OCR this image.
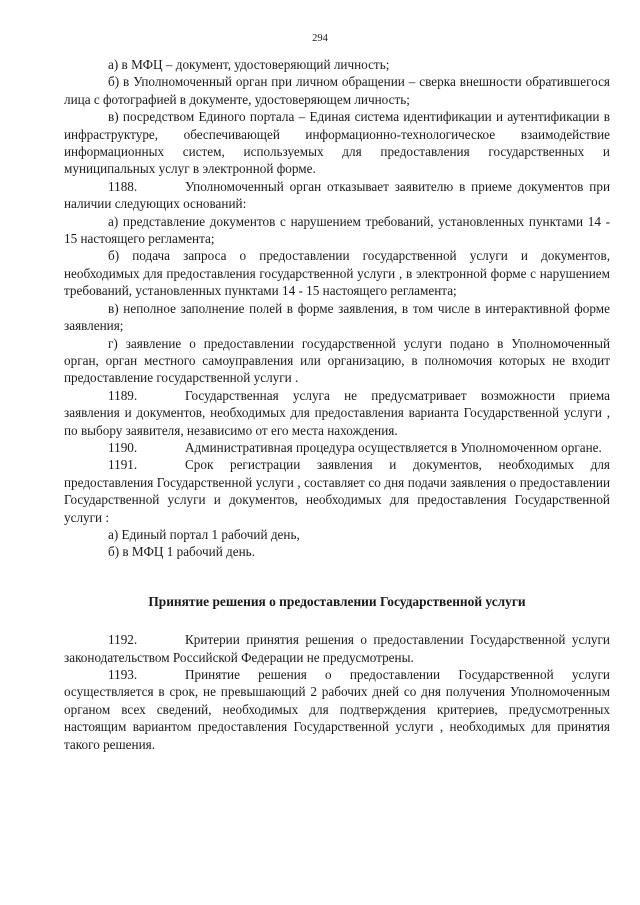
294

а) в МФЦ – документ, удостоверяющий личность;

б) в Уполномоченный орган при личном обращении – сверка внешности обратившегося лица с фотографией в документе, удостоверяющем личность;

в) посредством Единого портала – Единая система идентификации и аутентификации в инфраструктуре, обеспечивающей информационно-технологическое взаимодействие информационных систем, используемых для предоставления государственных и муниципальных услуг в электронной форме.

1188.	Уполномоченный орган отказывает заявителю в приеме документов при наличии следующих оснований:

а) представление документов с нарушением требований, установленных пунктами 14 - 15 настоящего регламента;

б) подача запроса о предоставлении государственной услуги и документов, необходимых для предоставления государственной услуги , в электронной форме с нарушением требований, установленных пунктами 14 - 15 настоящего регламента;

в) неполное заполнение полей в форме заявления, в том числе в интерактивной форме заявления;

г) заявление о предоставлении государственной услуги подано в Уполномоченный орган, орган местного самоуправления или организацию, в полномочия которых не входит предоставление государственной услуги .

1189.	Государственная услуга не предусматривает возможности приема заявления и документов, необходимых для предоставления варианта Государственной услуги , по выбору заявителя, независимо от его места нахождения.

1190.	Административная процедура осуществляется в Уполномоченном органе.

1191.	Срок регистрации заявления и документов, необходимых для предоставления Государственной услуги , составляет со дня подачи заявления о предоставлении Государственной услуги и документов, необходимых для предоставления Государственной услуги :

а) Единый портал 1 рабочий день,

б) в МФЦ 1 рабочий день.

Принятие решения о предоставлении Государственной услуги

1192.	Критерии принятия решения о предоставлении Государственной услуги законодательством Российской Федерации не предусмотрены.

1193.	Принятие решения о предоставлении Государственной услуги осуществляется в срок, не превышающий 2 рабочих дней со дня получения Уполномоченным органом всех сведений, необходимых для подтверждения критериев, предусмотренных настоящим вариантом предоставления Государственной услуги , необходимых для принятия такого решения.
